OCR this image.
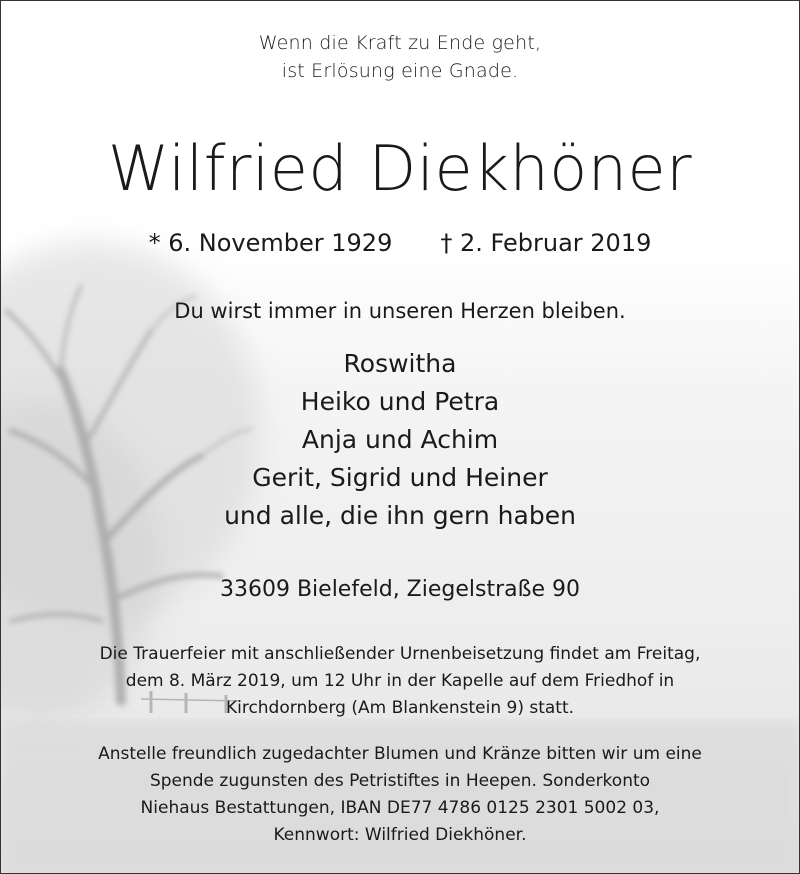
Wenn die Kraft zu Ende geht,
ist Erlösung eine Gnade.
Wilfried Diekhöner
* 6. November 1929 † 2. Februar 2019
Du wirst immer in unseren Herzen bleiben.
Roswitha
Heiko und Petra
Anja und Achim
Gerit, Sigrid und Heiner
und alle, die ihn gern haben
33609 Bielefeld, Ziegelstraße 90
Die Trauerfeier mit anschließender Urnenbeisetzung findet am Freitag,
dem 8. März 2019, um 12 Uhr in der Kapelle auf dem Friedhof in
Kirchdornberg (Am Blankenstein 9) statt.
Anstelle freundlich zugedachter Blumen und Kränze bitten wir um eine
Spende zugunsten des Petristiftes in Heepen. Sonderkonto
Niehaus Bestattungen, IBAN DE77 4786 0125 2301 5002 03,
Kennwort: Wilfried Diekhöner.
